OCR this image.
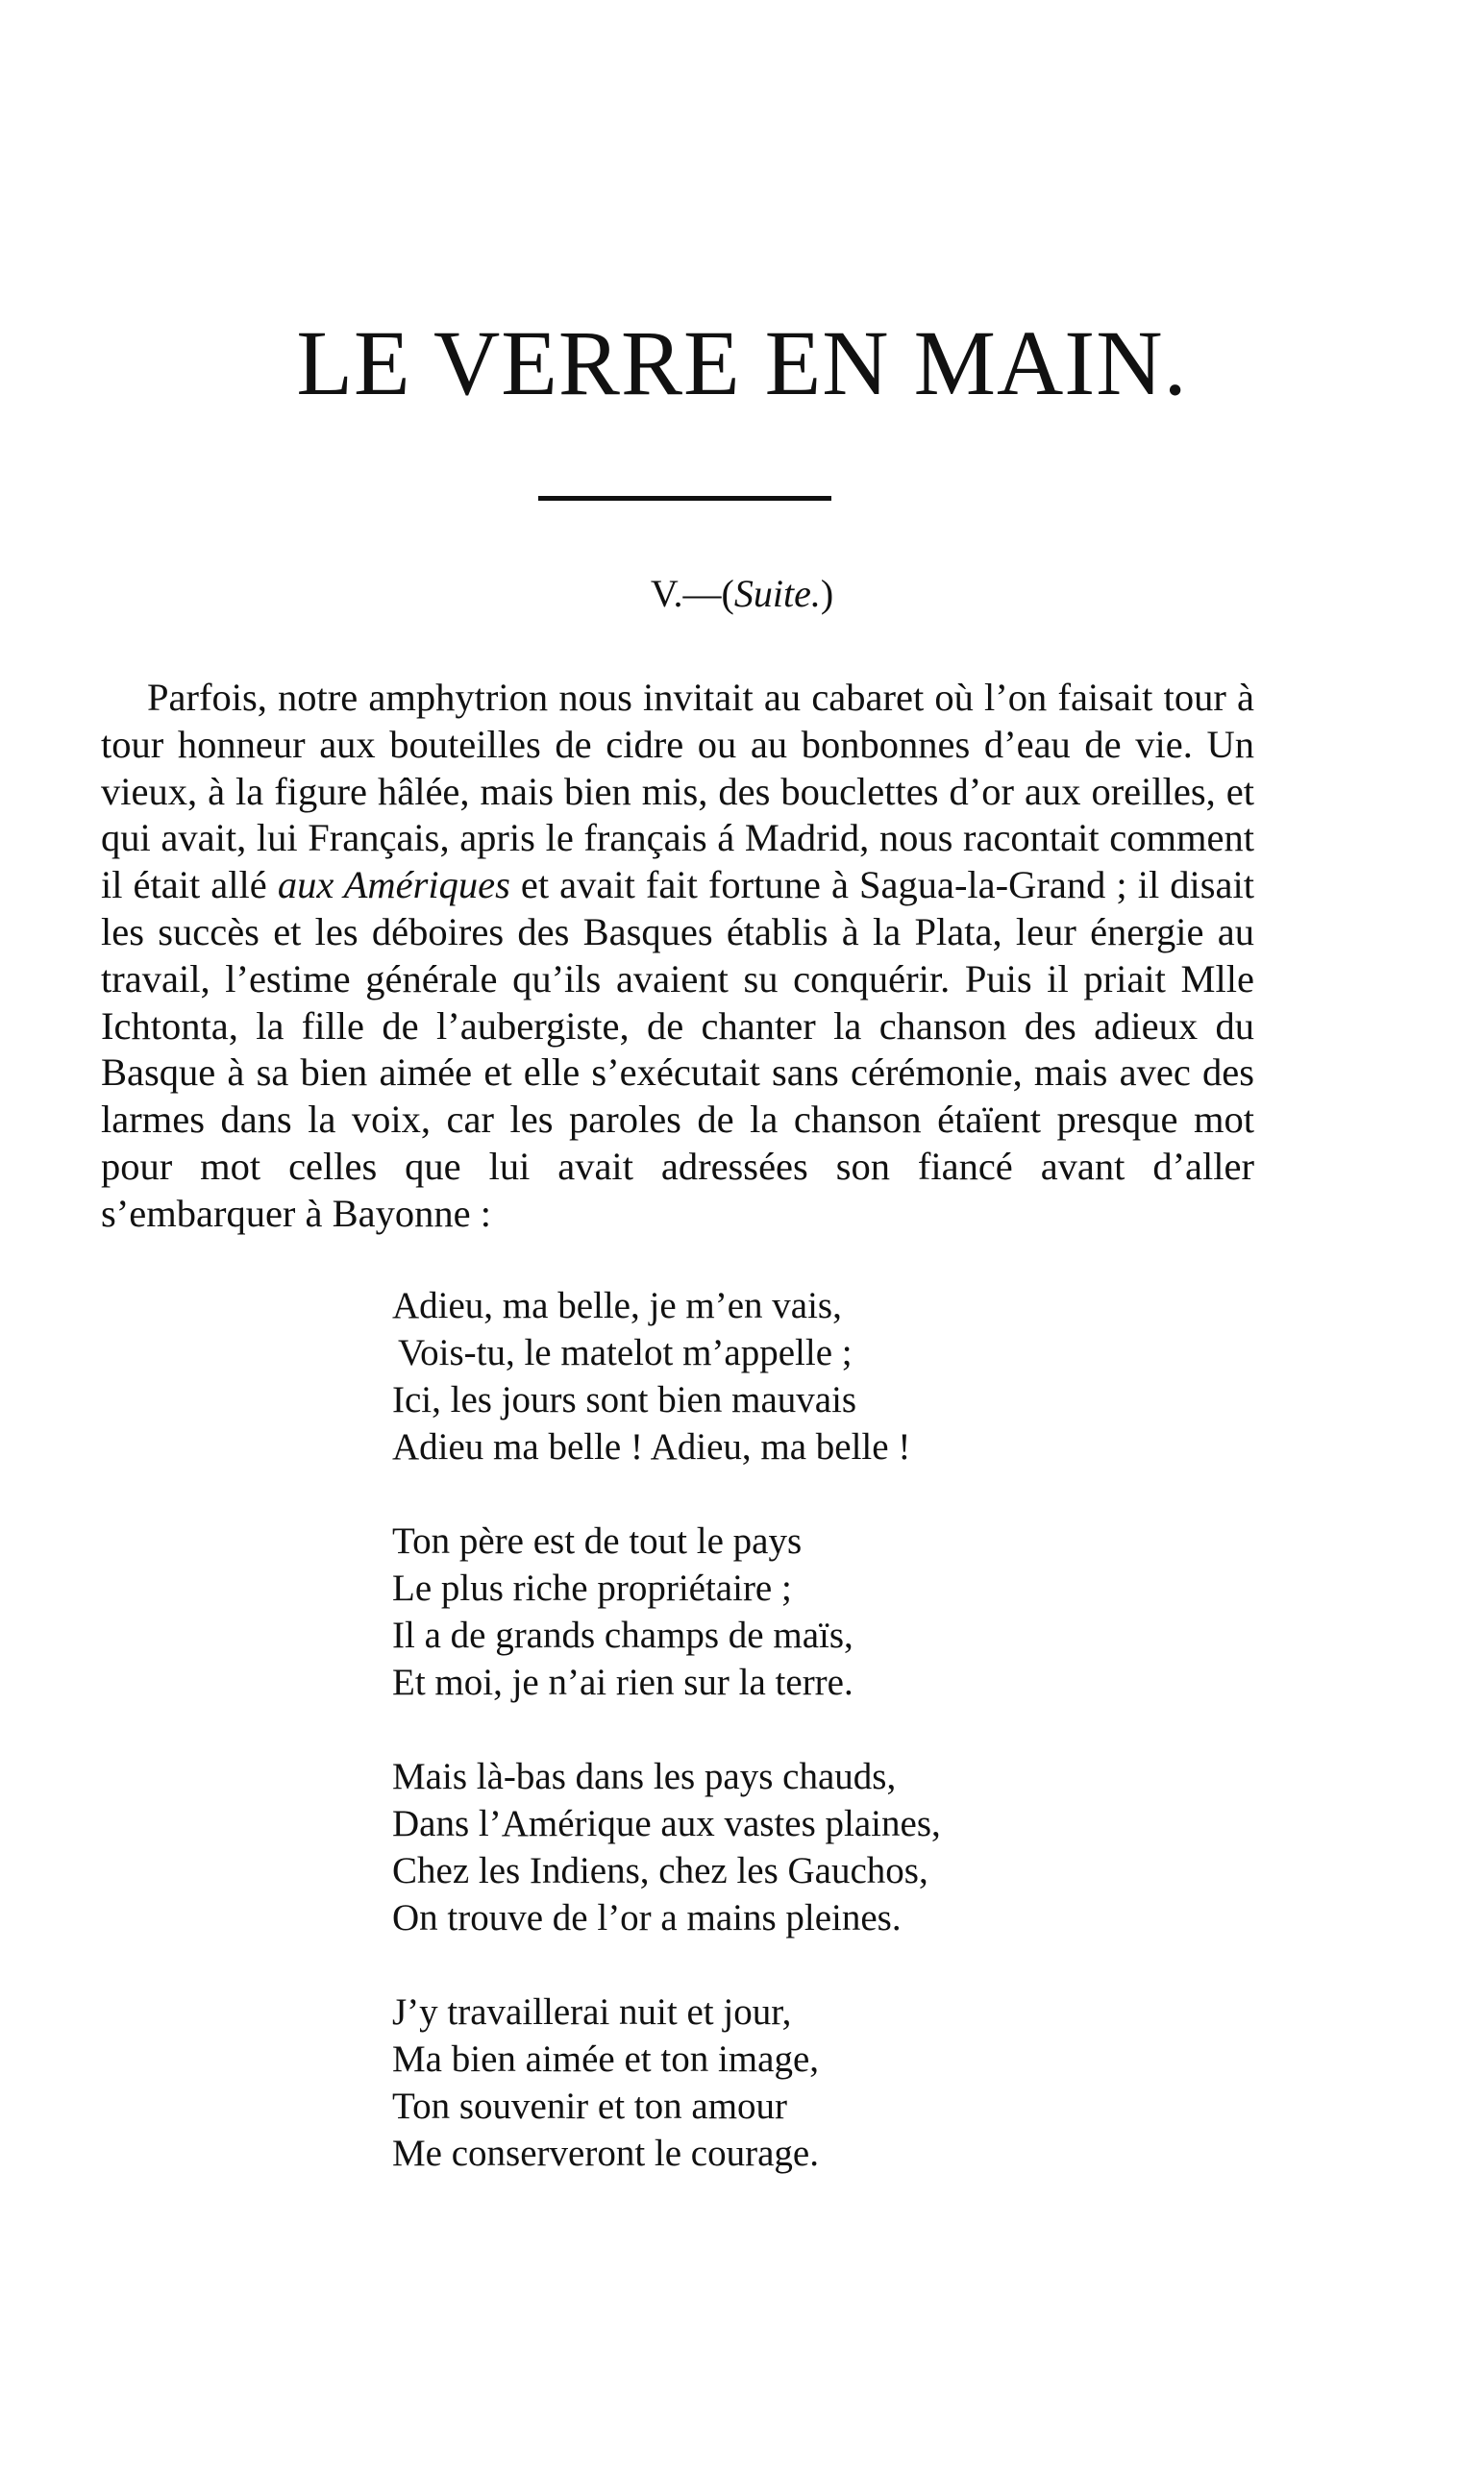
LE VERRE EN MAIN.
V.—(Suite.)

Parfois, notre amphytrion nous invitait au cabaret où l’on faisait tour à tour honneur aux bouteilles de cidre ou au bonbonnes d’eau de vie. Un vieux, à la figure hâlée, mais bien mis, des bouclettes d’or aux oreilles, et qui avait, lui Français, apris le français á Madrid, nous racontait comment il était allé aux Amériques et avait fait fortune à Sagua-la-Grand ; il disait les succès et les déboires des Basques établis à la Plata, leur énergie au travail, l’estime générale qu’ils avaient su conquérir. Puis il priait Mlle Ichtonta, la fille de l’aubergiste, de chanter la chanson des adieux du Basque à sa bien aimée et elle s’exécutait sans cérémonie, mais avec des larmes dans la voix, car les paroles de la chanson étaïent presque mot pour mot celles que lui avait adressées son fiancé avant d’aller s’embarquer à Bayonne :

Adieu, ma belle, je m’en vais,
Vois-tu, le matelot m’appelle ;
Ici, les jours sont bien mauvais
Adieu ma belle ! Adieu, ma belle !
Ton père est de tout le pays
Le plus riche propriétaire ;
Il a de grands champs de maïs,
Et moi, je n’ai rien sur la terre.
Mais là-bas dans les pays chauds,
Dans l’Amérique aux vastes plaines,
Chez les Indiens, chez les Gauchos,
On trouve de l’or a mains pleines.
J’y travaillerai nuit et jour,
Ma bien aimée et ton image,
Ton souvenir et ton amour
Me conserveront le courage.
